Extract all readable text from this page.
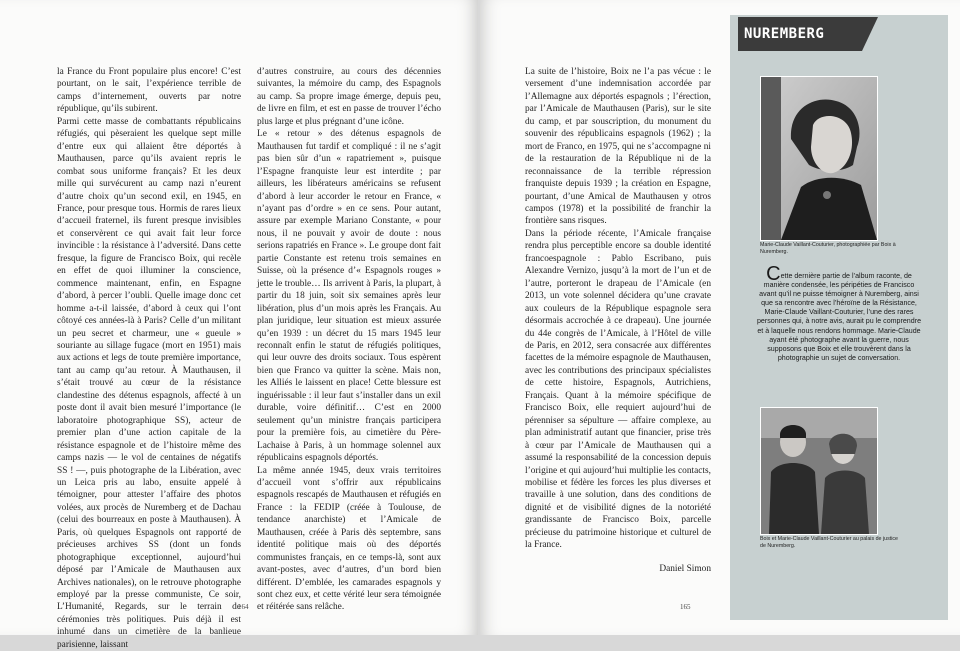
la France du Front populaire plus encore! C’est pourtant, on le sait, l’expérience terrible de camps d’internement, ouverts par notre république, qu’ils subirent.

Parmi cette masse de combattants républicains réfugiés, qui pèseraient les quelque sept mille d’entre eux qui allaient être déportés à Mauthausen, parce qu’ils avaient repris le combat sous uniforme français? Et les deux mille qui survécurent au camp nazi n’eurent d’autre choix qu’un second exil, en 1945, en France, pour presque tous. Hormis de rares lieux d’accueil fraternel, ils furent presque invisibles et conservèrent ce qui avait fait leur force invincible : la résistance à l’adversité. Dans cette fresque, la figure de Francisco Boix, qui recèle en effet de quoi illuminer la conscience, commence maintenant, enfin, en Espagne d’abord, à percer l’oubli. Quelle image donc cet homme a-t-il laissée, d’abord à ceux qui l’ont côtoyé ces années-là à Paris? Celle d’un militant un peu secret et charmeur, une « gueule » souriante au sillage fugace (mort en 1951) mais aux actions et legs de toute première importance, tant au camp qu’au retour. À Mauthausen, il s’était trouvé au cœur de la résistance clandestine des détenus espagnols, affecté à un poste dont il avait bien mesuré l’importance (le laboratoire photographique SS), acteur de premier plan d’une action capitale de la résistance espagnole et de l’histoire même des camps nazis — le vol de centaines de négatifs SS ! —, puis photographe de la Libération, avec un Leica pris au labo, ensuite appelé à témoigner, pour attester l’affaire des photos volées, aux procès de Nuremberg et de Dachau (celui des bourreaux en poste à Mauthausen). À Paris, où quelques Espagnols ont rapporté de précieuses archives SS (dont un fonds photographique exceptionnel, aujourd’hui déposé par l’Amicale de Mauthausen aux Archives nationales), on le retrouve photographe employé par la presse communiste, Ce soir, L’Humanité, Regards, sur le terrain de cérémonies très politiques. Puis déjà il est inhumé dans un cimetière de la banlieue parisienne, laissant

d’autres construire, au cours des décennies suivantes, la mémoire du camp, des Espagnols au camp. Sa propre image émerge, depuis peu, de livre en film, et est en passe de trouver l’écho plus large et plus prégnant d’une icône.

Le « retour » des détenus espagnols de Mauthausen fut tardif et compliqué : il ne s’agit pas bien sûr d’un « rapatriement », puisque l’Espagne franquiste leur est interdite ; par ailleurs, les libérateurs américains se refusent d’abord à leur accorder le retour en France, « n’ayant pas d’ordre » en ce sens. Pour autant, assure par exemple Mariano Constante, « pour nous, il ne pouvait y avoir de doute : nous serions rapatriés en France ». Le groupe dont fait partie Constante est retenu trois semaines en Suisse, où la présence d’« Espagnols rouges » jette le trouble… Ils arrivent à Paris, la plupart, à partir du 18 juin, soit six semaines après leur libération, plus d’un mois après les Français. Au plan juridique, leur situation est mieux assurée qu’en 1939 : un décret du 15 mars 1945 leur reconnaît enfin le statut de réfugiés politiques, qui leur ouvre des droits sociaux. Tous espèrent bien que Franco va quitter la scène. Mais non, les Alliés le laissent en place! Cette blessure est inguérissable : il leur faut s’installer dans un exil durable, voire définitif… C’est en 2000 seulement qu’un ministre français participera pour la première fois, au cimetière du Père-Lachaise à Paris, à un hommage solennel aux républicains espagnols déportés.

La même année 1945, deux vrais territoires d’accueil vont s’offrir aux républicains espagnols rescapés de Mauthausen et réfugiés en France : la FEDIP (créée à Toulouse, de tendance anarchiste) et l’Amicale de Mauthausen, créée à Paris dès septembre, sans identité politique mais où des déportés communistes français, en ce temps-là, sont aux avant-postes, avec d’autres, d’un bord bien différent. D’emblée, les camarades espagnols y sont chez eux, et cette vérité leur sera témoignée et réitérée sans relâche.

164

La suite de l’histoire, Boix ne l’a pas vécue : le versement d’une indemnisation accordée par l’Allemagne aux déportés espagnols ; l’érection, par l’Amicale de Mauthausen (Paris), sur le site du camp, et par souscription, du monument du souvenir des républicains espagnols (1962) ; la mort de Franco, en 1975, qui ne s’accompagne ni de la restauration de la République ni de la reconnaissance de la terrible répression franquiste depuis 1939 ; la création en Espagne, pourtant, d’une Amical de Mauthausen y otros campos (1978) et la possibilité de franchir la frontière sans risques.

Dans la période récente, l’Amicale française rendra plus perceptible encore sa double identité francoespagnole : Pablo Escribano, puis Alexandre Vernizo, jusqu’à la mort de l’un et de l’autre, porteront le drapeau de l’Amicale (en 2013, un vote solennel décidera qu’une cravate aux couleurs de la République espagnole sera désormais accrochée à ce drapeau). Une journée du 44e congrès de l’Amicale, à l’Hôtel de ville de Paris, en 2012, sera consacrée aux différentes facettes de la mémoire espagnole de Mauthausen, avec les contributions des principaux spécialistes de cette histoire, Espagnols, Autrichiens, Français. Quant à la mémoire spécifique de Francisco Boix, elle requiert aujourd’hui de pérenniser sa sépulture — affaire complexe, au plan administratif autant que financier, prise très à cœur par l’Amicale de Mauthausen qui a assumé la responsabilité de la concession depuis l’origine et qui aujourd’hui multiplie les contacts, mobilise et fédère les forces les plus diverses et travaille à une solution, dans des conditions de dignité et de visibilité dignes de la notoriété grandissante de Francisco Boix, parcelle précieuse du patrimoine historique et culturel de la France.

Daniel Simon

165
NUREMBERG
Marie-Claude Vaillant-Couturier, photographiée par Boix à Nuremberg.
Cette dernière partie de l’album raconte, de manière condensée, les péripéties de Francisco avant qu’il ne puisse témoigner à Nuremberg, ainsi que sa rencontre avec l’héroïne de la Résistance, Marie-Claude Vaillant-Couturier, l’une des rares personnes qui, à notre avis, aurait pu le comprendre et à laquelle nous rendons hommage. Marie-Claude ayant été photographe avant la guerre, nous supposons que Boix et elle trouvèrent dans la photographie un sujet de conversation.
Boix et Marie-Claude Vaillant-Couturier au palais de justice de Nuremberg.
